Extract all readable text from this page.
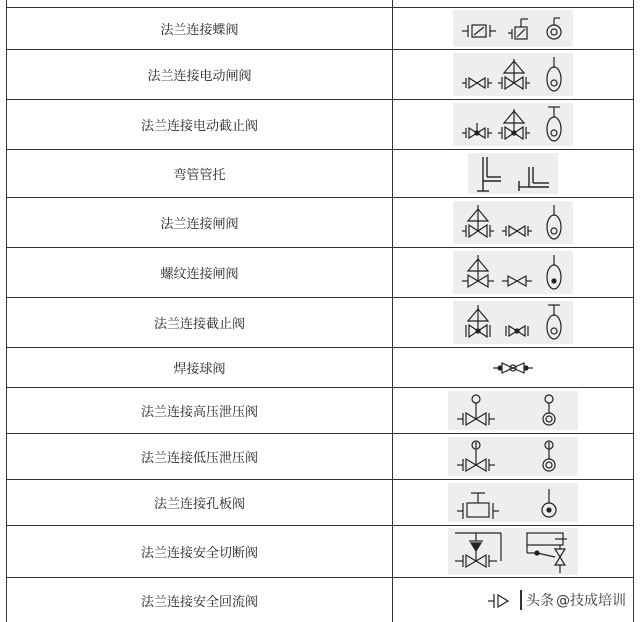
法兰连接蝶阀
法兰连接电动闸阀
法兰连接电动截止阀
弯管管托
法兰连接闸阀
螺纹连接闸阀
法兰连接截止阀
焊接球阀
法兰连接高压泄压阀
法兰连接低压泄压阀
法兰连接孔板阀
法兰连接安全切断阀
法兰连接安全回流阀	头条 @技成培训
